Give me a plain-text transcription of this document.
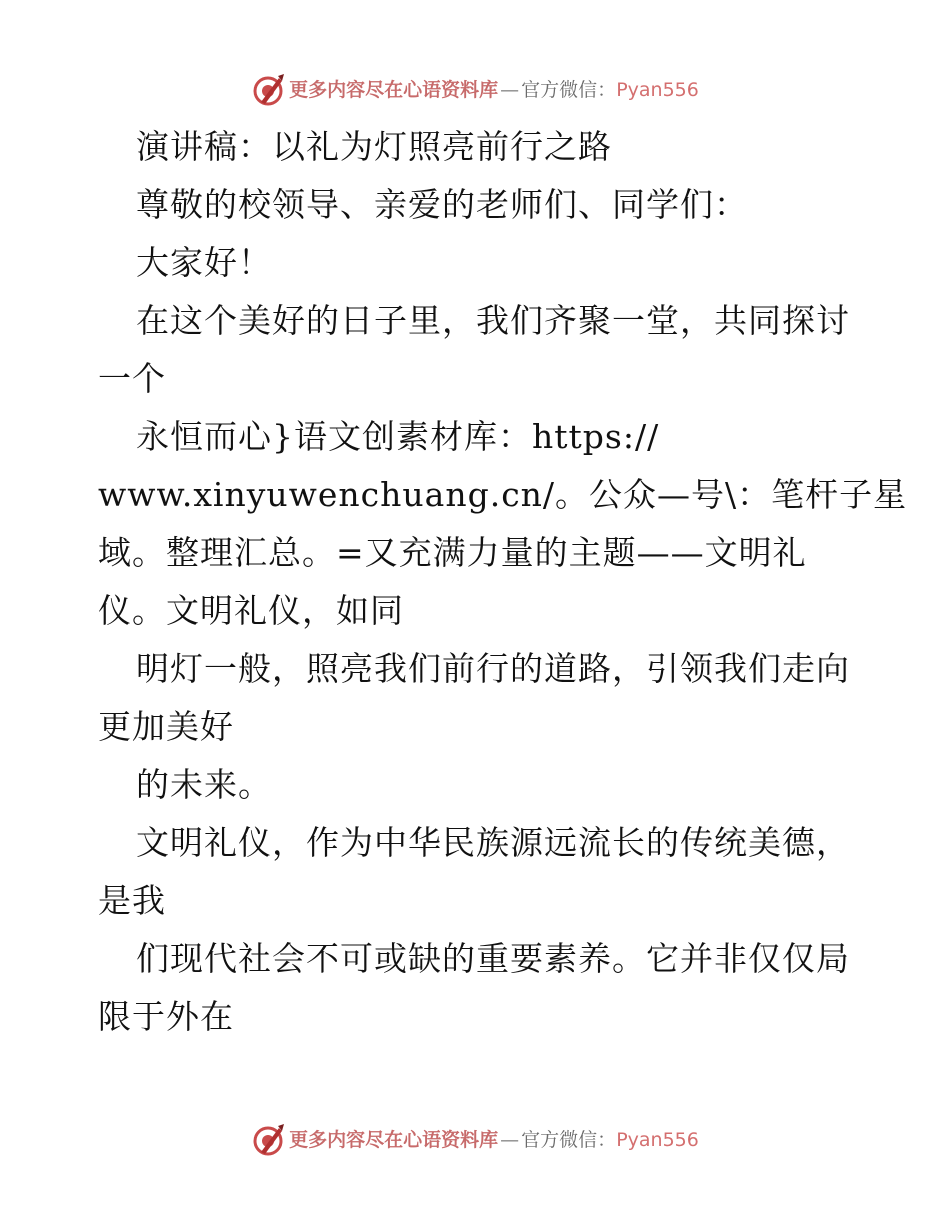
更多内容尽在心语资料库 — 官方微信： Pyan556

演讲稿：以礼为灯照亮前行之路

尊敬的校领导、亲爱的老师们、同学们：

大家好！

在这个美好的日子里，我们齐聚一堂，共同探讨

一个

永恒而心}语文创素材库：https://

www.xinyuwenchuang.cn/。公众—号\：笔杆子星

域。整理汇总。=又充满力量的主题——文明礼

仪。文明礼仪，如同

明灯一般，照亮我们前行的道路，引领我们走向

更加美好

的未来。

文明礼仪，作为中华民族源远流长的传统美德，

是我

们现代社会不可或缺的重要素养。它并非仅仅局

限于外在

更多内容尽在心语资料库 — 官方微信： Pyan556
